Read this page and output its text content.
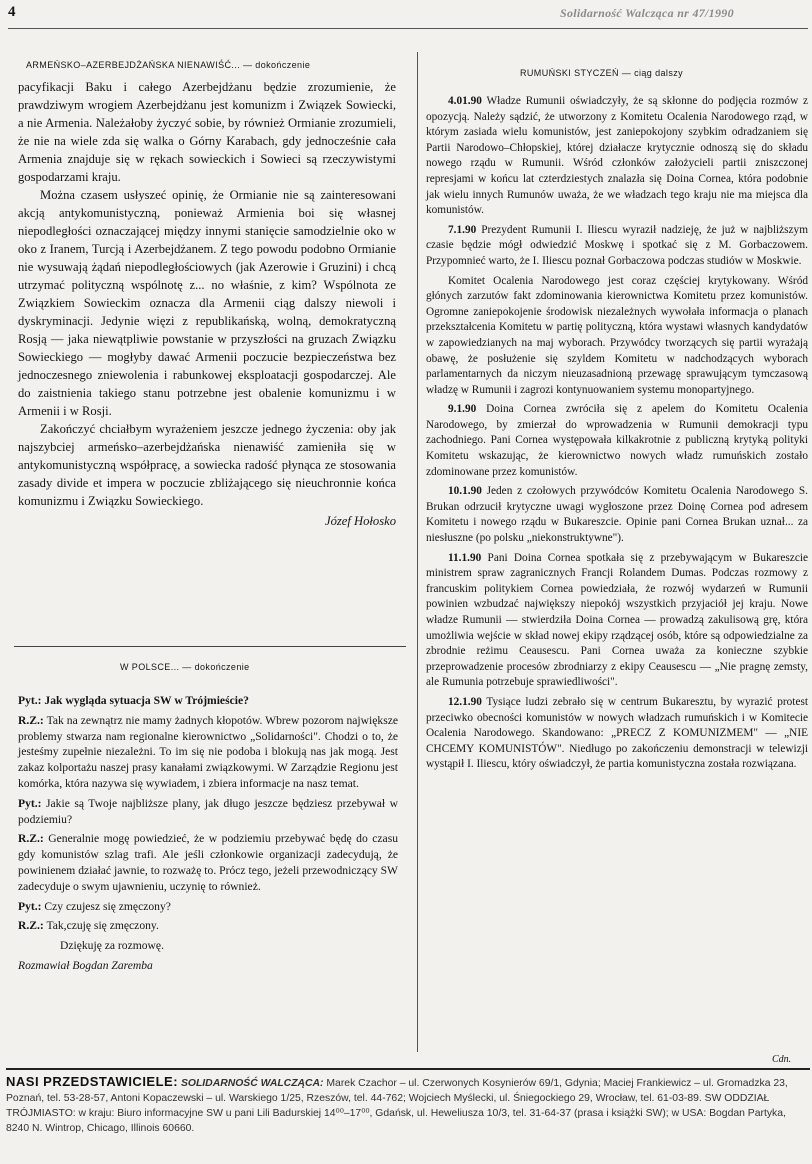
4	Solidarność Walcząca nr 47/1990
ARMEŃSKO–AZERBEJDŻAŃSKA NIENAWIŚĆ... — dokończenie

pacyfikacji Baku i całego Azerbejdżanu będzie zrozumienie, że prawdziwym wrogiem Azerbejdżanu jest komunizm i Związek Sowiecki, a nie Armenia. Należałoby życzyć sobie, by również Ormianie zrozumieli, że nie na wiele zda się walka o Górny Karabach, gdy jednocześnie cała Armenia znajduje się w rękach sowieckich i Sowieci są rzeczywistymi gospodarzami kraju.

Można czasem usłyszeć opinię, że Ormianie nie są zainteresowani akcją antykomunistyczną, ponieważ Armienia boi się własnej niepodległości oznaczającej między innymi stanięcie samodzielnie oko w oko z Iranem, Turcją i Azerbejdżanem. Z tego powodu podobno Ormianie nie wysuwają żądań niepodległościowych (jak Azerowie i Gruzini) i chcą utrzymać polityczną wspólnotę z... no właśnie, z kim? Wspólnota ze Związkiem Sowieckim oznacza dla Armenii ciąg dalszy niewoli i dyskryminacji. Jedynie więzi z republikańską, wolną, demokratyczną Rosją — jaka niewątpliwie powstanie w przyszłości na gruzach Związku Sowieckiego — mogłyby dawać Armenii poczucie bezpieczeństwa bez jednoczesnego zniewolenia i rabunkowej eksploatacji gospodarczej. Ale do zaistnienia takiego stanu potrzebne jest obalenie komunizmu i w Armenii i w Rosji.

Zakończyć chciałbym wyrażeniem jeszcze jednego życzenia: oby jak najszybciej armeńsko–azerbejdżańska nienawiść zamieniła się w antykomunistyczną współpracę, a sowiecka radość płynąca ze stosowania zasady divide et impera w poczucie zbliżającego się nieuchronnie końca komunizmu i Związku Sowieckiego.

Józef Hołosko
W POLSCE... — dokończenie

Pyt.: Jak wygląda sytuacja SW w Trójmieście?

R.Z.: Tak na zewnątrz nie mamy żadnych kłopotów. Wbrew pozorom największe problemy stwarza nam regionalne kierownictwo „Solidarności". Chodzi o to, że jesteśmy zupełnie niezależni. To im się nie podoba i blokują nas jak mogą. Jest zakaz kolportażu naszej prasy kanałami związkowymi. W Zarządzie Regionu jest komórka, która nazywa się wywiadem, i zbiera informacje na nasz temat.

Pyt.: Jakie są Twoje najbliższe plany, jak długo jeszcze będziesz przebywał w podziemiu?

R.Z.: Generalnie mogę powiedzieć, że w podziemiu przebywać będę do czasu gdy komunistów szlag trafi. Ale jeśli członkowie organizacji zadecydują, że powinienem działać jawnie, to rozważę to. Prócz tego, jeżeli przewodniczący SW zadecyduje o swym ujawnieniu, uczynię to również.

Pyt.: Czy czujesz się zmęczony?

R.Z.: Tak,czuję się zmęczony.

Dziękuję za rozmowę.

Rozmawiał Bogdan Zaremba

RUMUŃSKI STYCZEŃ — ciąg dalszy

4.01.90 Władze Rumunii oświadczyły, że są skłonne do podjęcia rozmów z opozycją. Należy sądzić, że utworzony z Komitetu Ocalenia Narodowego rząd, w którym zasiada wielu komunistów, jest zaniepokojony szybkim odradzaniem się Partii Narodowo–Chłopskiej, której działacze krytycznie odnoszą się do składu nowego rządu w Rumunii. Wśród członków założycieli partii zniszczonej represjami w końcu lat czterdziestych znalazła się Doina Cornea, która podobnie jak wielu innych Rumunów uważa, że we władzach tego kraju nie ma miejsca dla komunistów.

7.1.90 Prezydent Rumunii I. Iliescu wyraził nadzieję, że już w najbliższym czasie będzie mógł odwiedzić Moskwę i spotkać się z M. Gorbaczowem. Przypomnieć warto, że I. Iliescu poznał Gorbaczowa podczas studiów w Moskwie.

Komitet Ocalenia Narodowego jest coraz częściej krytykowany. Wśród głónych zarzutów fakt zdominowania kierownictwa Komitetu przez komunistów. Ogromne zaniepokojenie środowisk niezależnych wywołała informacja o planach przekształcenia Komitetu w partię polityczną, która wystawi własnych kandydatów w zapowiedzianych na maj wyborach. Przywódcy tworzących się partii wyrażają obawę, że posłużenie się szyldem Komitetu w nadchodzących wyborach parlamentarnych da niczym nieuzasadnioną przewagę sprawującym tymczasową władzę w Rumunii i zagrozi kontynuowaniem systemu monopartyjnego.

9.1.90 Doina Cornea zwróciła się z apelem do Komitetu Ocalenia Narodowego, by zmierzał do wprowadzenia w Rumunii demokracji typu zachodniego. Pani Cornea występowała kilkakrotnie z publiczną krytyką polityki Komitetu wskazując, że kierownictwo nowych władz rumuńskich zostało zdominowane przez komunistów.

10.1.90 Jeden z czołowych przywódców Komitetu Ocalenia Narodowego S. Brukan odrzucił krytyczne uwagi wygłoszone przez Doinę Cornea pod adresem Komitetu i nowego rządu w Bukareszcie. Opinie pani Cornea Brukan uznał... za niesłuszne (po polsku „niekonstruktywne").

11.1.90 Pani Doina Cornea spotkała się z przebywającym w Bukareszcie ministrem spraw zagranicznych Francji Rolandem Dumas. Podczas rozmowy z francuskim politykiem Cornea powiedziała, że rozwój wydarzeń w Rumunii powinien wzbudzać największy niepokój wszystkich przyjaciół jej kraju. Nowe władze Rumunii — stwierdziła Doina Cornea — prowadzą zakulisową grę, która umożliwia wejście w skład nowej ekipy rządzącej osób, które są odpowiedzialne za zbrodnie reżimu Ceausescu. Pani Cornea uważa za konieczne szybkie przeprowadzenie procesów zbrodniarzy z ekipy Ceausescu — „Nie pragnę zemsty, ale Rumunia potrzebuje sprawiedliwości".

12.1.90 Tysiące ludzi zebrało się w centrum Bukaresztu, by wyrazić protest przeciwko obecności komunistów w nowych władzach rumuńskich i w Komitecie Ocalenia Narodowego. Skandowano: „PRECZ Z KOMUNIZMEM" — „NIE CHCEMY KOMUNISTÓW". Niedługo po zakończeniu demonstracji w telewizji wystąpił I. Iliescu, który oświadczył, że partia komunistyczna została rozwiązana.

Cdn.
NASI PRZEDSTAWICIELE: SOLIDARNOŚĆ WALCZĄCA: Marek Czachor – ul. Czerwonych Kosynierów 69/1, Gdynia; Maciej Frankiewicz – ul. Gromadzka 23, Poznań, tel. 53-28-57, Antoni Kopaczewski – ul. Warskiego 1/25, Rzeszów, tel. 44-762; Wojciech Myślecki, ul. Śniegockiego 29, Wrocław, tel. 61-03-89. SW ODDZIAŁ TRÓJMIASTO: w kraju: Biuro informacyjne SW u pani Lili Badurskiej 14⁰⁰–17⁰⁰, Gdańsk, ul. Heweliusza 10/3, tel. 31-64-37 (prasa i książki SW); w USA: Bogdan Partyka, 8240 N. Wintrop, Chicago, Illinois 60660.
